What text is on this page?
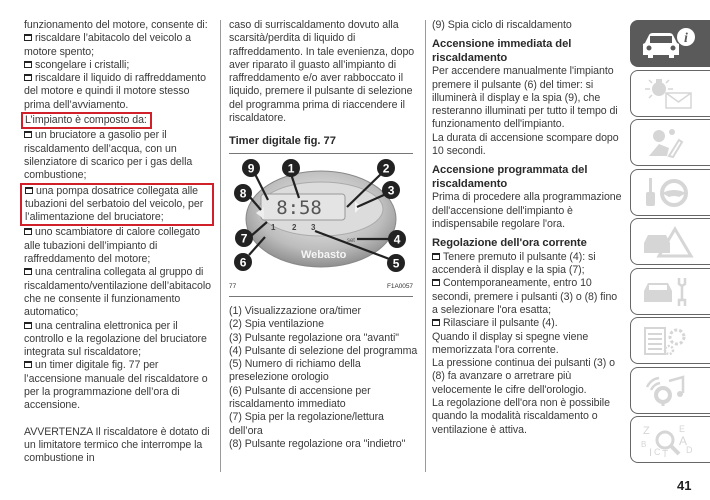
funzionamento del motore, consente di:
riscaldare l’abitacolo del veicolo a motore spento;
scongelare i cristalli;
riscaldare il liquido di raffreddamento del motore e quindi il motore stesso prima dell’avviamento.
L’impianto è composto da:
un bruciatore a gasolio per il riscaldamento dell’acqua, con un silenziatore di scarico per i gas della combustione;
una pompa dosatrice collegata alle tubazioni del serbatoio del veicolo, per l’alimentazione del bruciatore;
uno scambiatore di calore collegato alle tubazioni dell’impianto di raffreddamento del motore;
una centralina collegata al gruppo di riscaldamento/ventilazione dell’abitacolo che ne consente il funzionamento automatico;
una centralina elettronica per il controllo e la regolazione del bruciatore integrata sul riscaldatore;
un timer digitale fig. 77 per l’accensione manuale del riscaldatore o per la programmazione dell’ora di accensione.
AVVERTENZA Il riscaldatore è dotato di un limitatore termico che interrompe la combustione in
caso di surriscaldamento dovuto alla scarsità/perdita di liquido di raffreddamento. In tale evenienza, dopo aver riparato il guasto all’impianto di raffreddamento e/o aver rabboccato il liquido, premere il pulsante di selezione del programma prima di riaccendere il riscaldatore.
Timer digitale fig. 77
8:58
1 2 3
set
Webasto
1	2
3
4
5
6
7
8
9
77	F1A0057
(1) Visualizzazione ora/timer
(2) Spia ventilazione
(3) Pulsante regolazione ora "avanti"
(4) Pulsante di selezione del programma
(5) Numero di richiamo della preselezione orologio
(6) Pulsante di accensione per riscaldamento immediato
(7) Spia per la regolazione/lettura dell’ora
(8) Pulsante regolazione ora "indietro"
(9) Spia ciclo di riscaldamento
Accensione immediata del riscaldamento
Per accendere manualmente l'impianto premere il pulsante (6) del timer: si illuminerà il display e la spia (9), che resteranno illuminati per tutto il tempo di funzionamento dell'impianto.
La durata di accensione scompare dopo 10 secondi.
Accensione programmata del riscaldamento
Prima di procedere alla programmazione dell'accensione dell'impianto è indispensabile regolare l'ora.
Regolazione dell'ora corrente
Tenere premuto il pulsante (4): si accenderà il display e la spia (7);
Contemporaneamente, entro 10 secondi, premere i pulsanti (3) o (8) fino a selezionare l'ora esatta;
Rilasciare il pulsante (4).
Quando il display si spegne viene memorizzata l'ora corrente.
La pressione continua dei pulsanti (3) o (8) fa avanzare o arretrare più velocemente le cifre dell'orologio.
La regolazione dell'ora non è possibile quando la modalità riscaldamento o ventilazione è attiva.
i
Z
B
I C T
E
A
D
41
